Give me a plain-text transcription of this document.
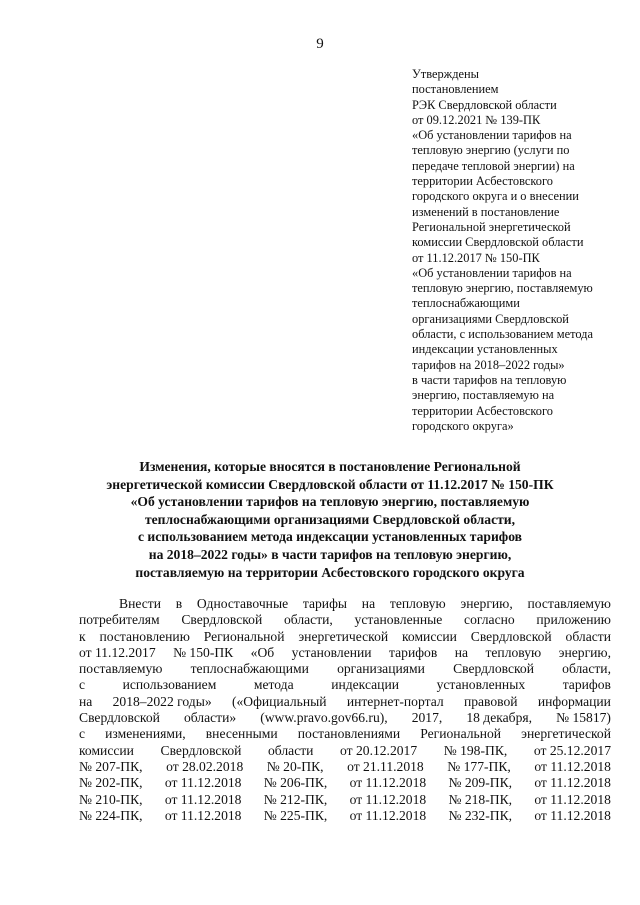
9
Утверждены
постановлением
РЭК Свердловской области
от 09.12.2021 № 139-ПК
«Об установлении тарифов на
тепловую энергию (услуги по
передаче тепловой энергии) на
территории Асбестовского
городского округа и о внесении
изменений в постановление
Региональной энергетической
комиссии Свердловской области
от 11.12.2017 № 150-ПК
«Об установлении тарифов на
тепловую энергию, поставляемую
теплоснабжающими
организациями Свердловской
области, с использованием метода
индексации установленных
тарифов на 2018–2022 годы»
в части тарифов на тепловую
энергию, поставляемую на
территории Асбестовского
городского округа»
Изменения, которые вносятся в постановление Региональной
энергетической комиссии Свердловской области от 11.12.2017 № 150-ПК
«Об установлении тарифов на тепловую энергию, поставляемую
теплоснабжающими организациями Свердловской области,
с использованием метода индексации установленных тарифов
на 2018–2022 годы» в части тарифов на тепловую энергию,
поставляемую на территории Асбестовского городского округа
Внести в Одноставочные тарифы на тепловую энергию, поставляемую
потребителям Свердловской области, установленные согласно приложению
к постановлению Региональной энергетической комиссии Свердловской области
от 11.12.2017 № 150-ПК «Об установлении тарифов на тепловую энергию,
поставляемую теплоснабжающими организациями Свердловской области,
с	использованием	метода	индексации	установленных	тарифов
на 2018–2022 годы» («Официальный интернет-портал правовой информации
Свердловской области» (www.pravo.gov66.ru), 2017, 18 декабря, № 15817)
с изменениями, внесенными постановлениями Региональной энергетической
комиссии Свердловской области от 20.12.2017 № 198-ПК, от 25.12.2017
№ 207-ПК, от 28.02.2018 № 20-ПК, от 21.11.2018 № 177-ПК, от 11.12.2018
№ 202-ПК, от 11.12.2018 № 206-ПК, от 11.12.2018 № 209-ПК, от 11.12.2018
№ 210-ПК, от 11.12.2018 № 212-ПК, от 11.12.2018 № 218-ПК, от 11.12.2018
№ 224-ПК, от 11.12.2018 № 225-ПК, от 11.12.2018 № 232-ПК, от 11.12.2018
